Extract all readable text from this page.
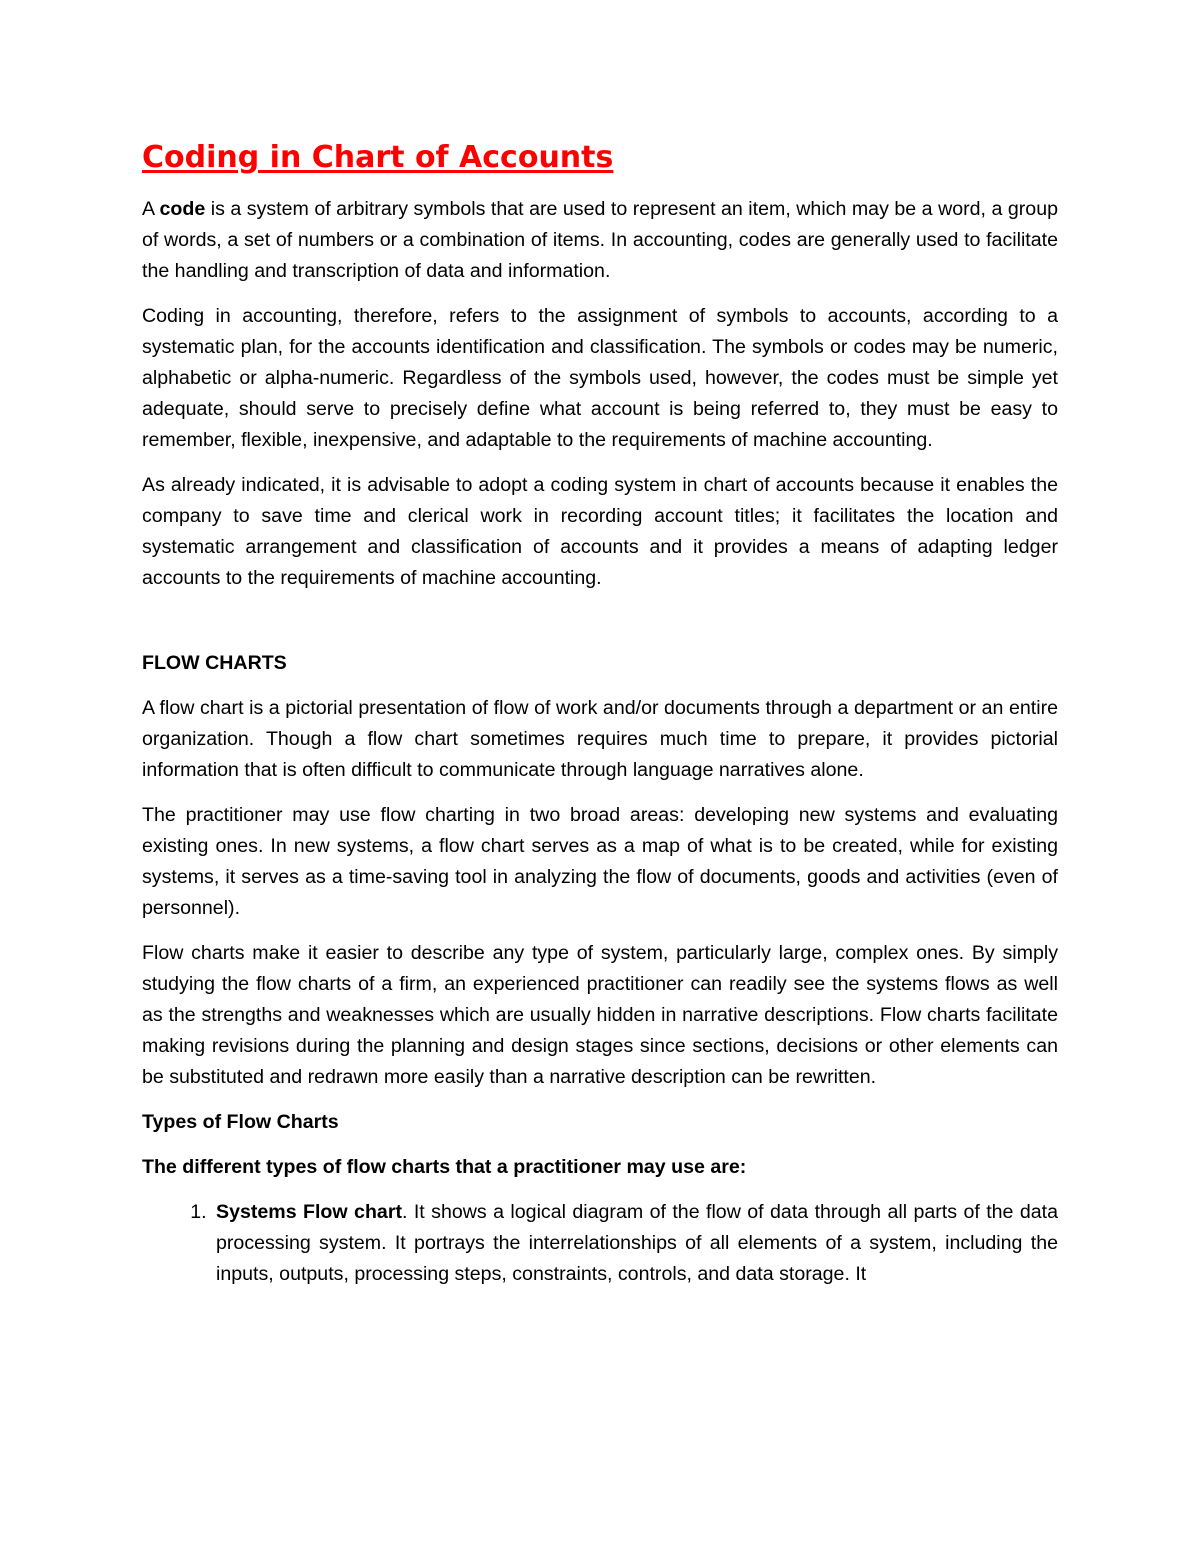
Coding in Chart of Accounts

A code is a system of arbitrary symbols that are used to represent an item, which may be a word, a group of words, a set of numbers or a combination of items. In accounting, codes are generally used to facilitate the handling and transcription of data and information.

Coding in accounting, therefore, refers to the assignment of symbols to accounts, according to a systematic plan, for the accounts identification and classification. The symbols or codes may be numeric, alphabetic or alpha-numeric. Regardless of the symbols used, however, the codes must be simple yet adequate, should serve to precisely define what account is being referred to, they must be easy to remember, flexible, inexpensive, and adaptable to the requirements of machine accounting.

As already indicated, it is advisable to adopt a coding system in chart of accounts because it enables the company to save time and clerical work in recording account titles; it facilitates the location and systematic arrangement and classification of accounts and it provides a means of adapting ledger accounts to the requirements of machine accounting.

FLOW CHARTS

A flow chart is a pictorial presentation of flow of work and/or documents through a department or an entire organization. Though a flow chart sometimes requires much time to prepare, it provides pictorial information that is often difficult to communicate through language narratives alone.

The practitioner may use flow charting in two broad areas: developing new systems and evaluating existing ones. In new systems, a flow chart serves as a map of what is to be created, while for existing systems, it serves as a time-saving tool in analyzing the flow of documents, goods and activities (even of personnel).

Flow charts make it easier to describe any type of system, particularly large, complex ones. By simply studying the flow charts of a firm, an experienced practitioner can readily see the systems flows as well as the strengths and weaknesses which are usually hidden in narrative descriptions. Flow charts facilitate making revisions during the planning and design stages since sections, decisions or other elements can be substituted and redrawn more easily than a narrative description can be rewritten.

Types of Flow Charts
The different types of flow charts that a practitioner may use are:
1. Systems Flow chart. It shows a logical diagram of the flow of data through all parts of the data processing system. It portrays the interrelationships of all elements of a system, including the inputs, outputs, processing steps, constraints, controls, and data storage. It
